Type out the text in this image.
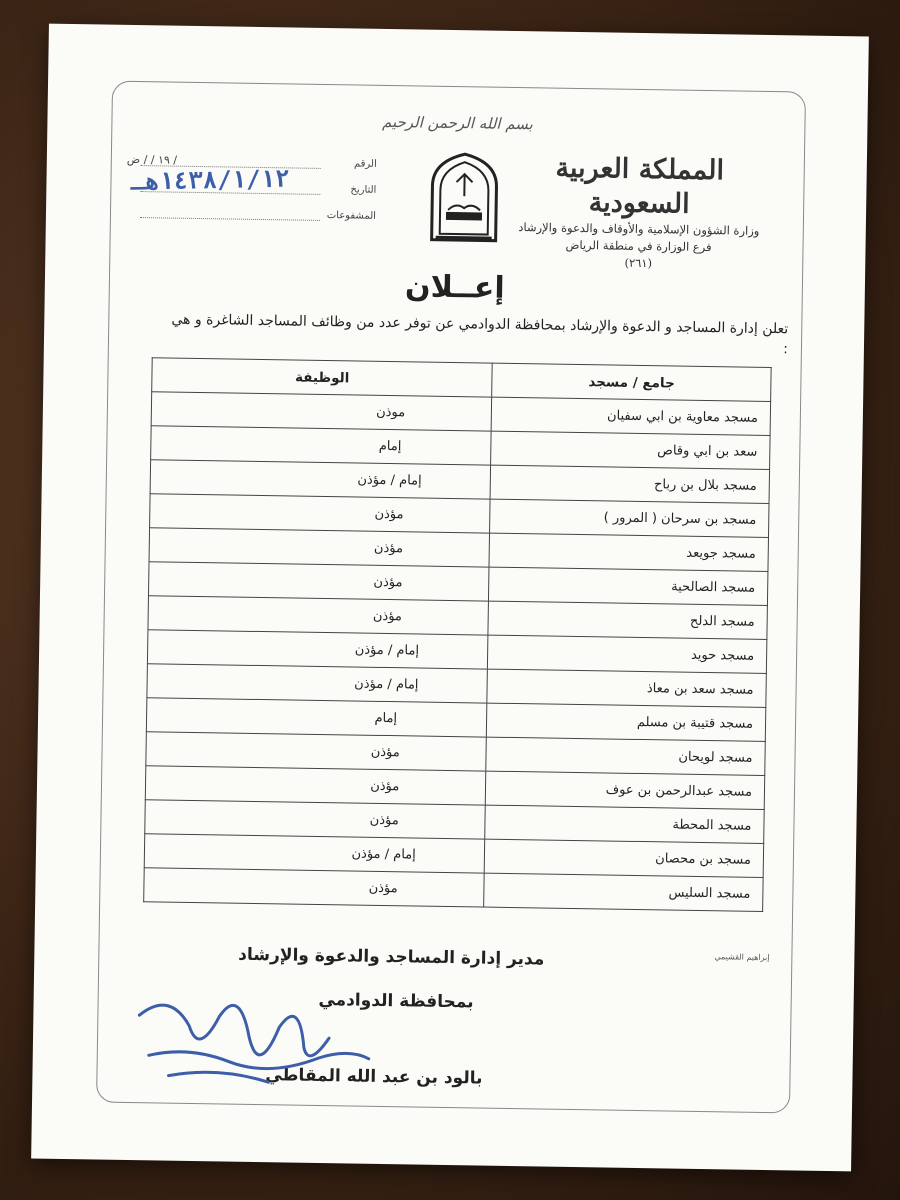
بسم الله الرحمن الرحيم
المملكة العربية السعودية
وزارة الشؤون الإسلامية والأوقاف والدعوة والإرشاد
فرع الوزارة في منطقة الرياض
(٢٦١)
الرقم
/ ١٩ / / ض
التاريخ
المشفوعات
١٤٣٨/١/١٢هـ
إعــلان
تعلن إدارة المساجد و الدعوة والإرشاد بمحافظة الدوادمي عن توفر عدد من وظائف المساجد الشاغرة و هي :
جامع / مسجد	الوظيفة
مسجد معاوية بن ابي سفيان	موذن
سعد بن ابي وقاص	إمام
مسجد بلال بن رباح	إمام / مؤذن
مسجد بن سرحان ( المرور )	مؤذن
مسجد جويعد	مؤذن
مسجد الصالحية	مؤذن
مسجد الدلح	مؤذن
مسجد حويد	إمام / مؤذن
مسجد سعد بن معاذ	إمام / مؤذن
مسجد قتيبة بن مسلم	إمام
مسجد لويحان	مؤذن
مسجد عبدالرحمن بن عوف	مؤذن
مسجد المحطة	مؤذن
مسجد بن محصان	إمام / مؤذن
مسجد السليس	مؤذن
إبراهيم القشيمي
مدير إدارة المساجد والدعوة والإرشاد
بمحافظة الدوادمي
بالود بن عبد الله المقاطي
